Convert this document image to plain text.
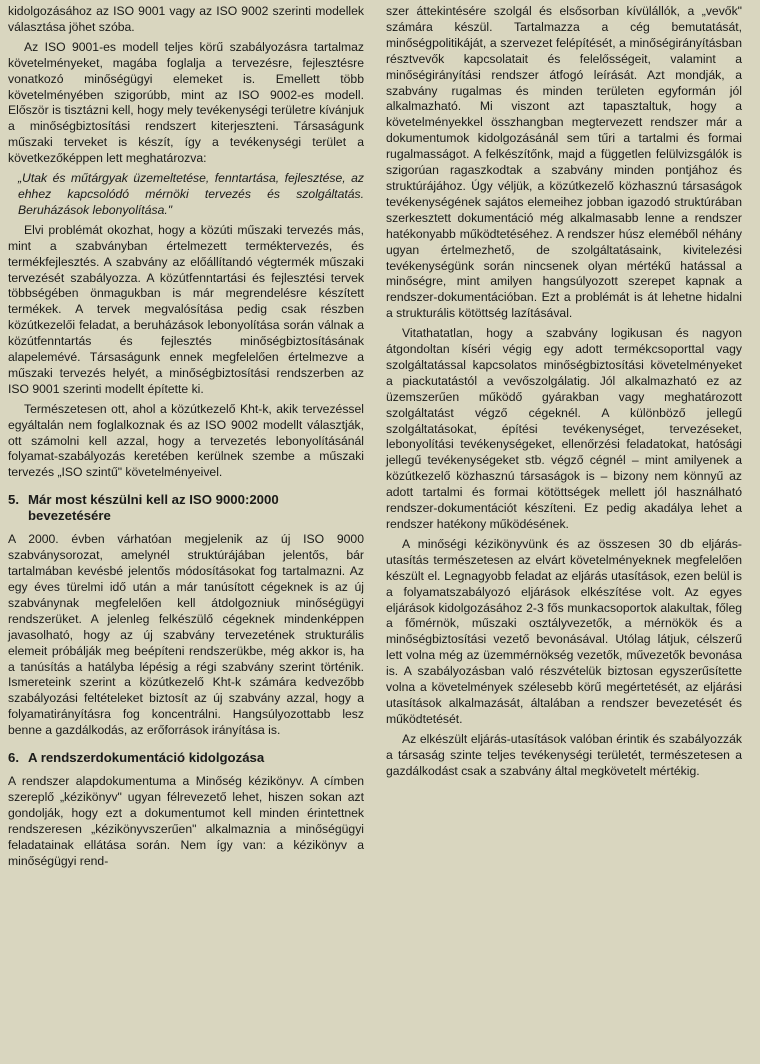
kidolgozásához az ISO 9001 vagy az ISO 9002 szerinti modellek választása jöhet szóba.

Az ISO 9001-es modell teljes körű szabályozásra tartalmaz követelményeket, magába foglalja a tervezésre, fejlesztésre vonatkozó minőségügyi elemeket is. Emellett több követelményében szigorúbb, mint az ISO 9002-es modell. Először is tisztázni kell, hogy mely tevékenységi területre kívánjuk a minőségbiztosítási rendszert kiterjeszteni. Társaságunk műszaki terveket is készít, így a tevékenységi terület a következőképpen lett meghatározva:

„Utak és műtárgyak üzemeltetése, fenntartása, fejlesztése, az ehhez kapcsolódó mérnöki tervezés és szolgáltatás. Beruházások lebonyolítása."

Elvi problémát okozhat, hogy a közúti műszaki tervezés más, mint a szabványban értelmezett terméktervezés, és termékfejlesztés. A szabvány az előállítandó végtermék műszaki tervezését szabályozza. A közútfenntartási és fejlesztési tervek többségében önmagukban is már megrendelésre készített termékek. A tervek megvalósítása pedig csak részben közútkezelői feladat, a beruházások lebonyolítása során válnak a közútfenntartás és fejlesztés minőségbiztosításának alapelemévé. Társaságunk ennek megfelelően értelmezve a műszaki tervezés helyét, a minőségbiztosítási rendszerben az ISO 9001 szerinti modellt építette ki.

Természetesen ott, ahol a közútkezelő Kht-k, akik tervezéssel egyáltalán nem foglalkoznak és az ISO 9002 modellt választják, ott számolni kell azzal, hogy a tervezetés lebonyolításánál folyamat-szabályozás keretében kerülnek szembe a műszaki tervezés „ISO szintű" követelményeivel.

5. Már most készülni kell az ISO 9000:2000 bevezetésére

A 2000. évben várhatóan megjelenik az új ISO 9000 szabványsorozat, amelynél struktúrájában jelentős, bár tartalmában kevésbé jelentős módosításokat fog tartalmazni. Az egy éves türelmi idő után a már tanúsított cégeknek is az új szabványnak megfelelően kell átdolgozniuk minőségügyi rendszerüket. A jelenleg felkészülő cégeknek mindenképpen javasolható, hogy az új szabvány tervezetének strukturális elemeit próbálják meg beépíteni rendszerükbe, még akkor is, ha a tanúsítás a hatályba lépésig a régi szabvány szerint történik. Ismereteink szerint a közútkezelő Kht-k számára kedvezőbb szabályozási feltételeket biztosít az új szabvány azzal, hogy a folyamatirányításra fog koncentrálni. Hangsúlyozottabb lesz benne a gazdálkodás, az erőforrások irányítása is.

6. A rendszerdokumentáció kidolgozása

A rendszer alapdokumentuma a Minőség kézikönyv. A címben szereplő „kézikönyv" ugyan félrevezető lehet, hiszen sokan azt gondolják, hogy ezt a dokumentumot kell minden érintettnek rendszeresen „kézikönyvszerűen" alkalmaznia a minőségügyi feladatainak ellátása során. Nem így van: a kézikönyv a minőségügyi rend-

szer áttekintésére szolgál és elsősorban kívülállók, a „vevők" számára készül. Tartalmazza a cég bemutatását, minőségpolitikáját, a szervezet felépítését, a minőségirányításban résztvevők kapcsolatait és felelősségeit, valamint a minőségirányítási rendszer átfogó leírását. Azt mondják, a szabvány rugalmas és minden területen egyformán jól alkalmazható. Mi viszont azt tapasztaltuk, hogy a követelményekkel összhangban megtervezett rendszer már a dokumentumok kidolgozásánál sem tűri a tartalmi és formai rugalmasságot. A felkészítőnk, majd a független felülvizsgálók is szigorúan ragaszkodtak a szabvány minden pontjához és struktúrájához. Úgy véljük, a közútkezelő közhasznú társaságok tevékenységének sajátos elemeihez jobban igazodó struktúrában szerkesztett dokumentáció még alkalmasabb lenne a rendszer hatékonyabb működtetéséhez. A rendszer húsz eleméből néhány ugyan értelmezhető, de szolgáltatásaink, kivitelezési tevékenységünk során nincsenek olyan mértékű hatással a minőségre, mint amilyen hangsúlyozott szerepet kapnak a rendszer-dokumentációban. Ezt a problémát is át lehetne hidalni a strukturális kötöttség lazításával.

Vitathatatlan, hogy a szabvány logikusan és nagyon átgondoltan kíséri végig egy adott termékcsoporttal vagy szolgáltatással kapcsolatos minőségbiztosítási követelményeket a piackutatástól a vevőszolgálatig. Jól alkalmazható ez az üzemszerűen működő gyárakban vagy meghatározott szolgáltatást végző cégeknél. A különböző jellegű szolgáltatásokat, építési tevékenységet, tervezéseket, lebonyolítási tevékenységeket, ellenőrzési feladatokat, hatósági jellegű tevékenységeket stb. végző cégnél – mint amilyenek a közútkezelő közhasznú társaságok is – bizony nem könnyű az adott tartalmi és formai kötöttségek mellett jól használható rendszer-dokumentációt készíteni. Ez pedig akadálya lehet a rendszer hatékony működésének.

A minőségi kézikönyvünk és az összesen 30 db eljárás-utasítás természetesen az elvárt követelményeknek megfelelően készült el. Legnagyobb feladat az eljárás utasítások, ezen belül is a folyamatszabályozó eljárások elkészítése volt. Az egyes eljárások kidolgozásához 2-3 fős munkacsoportok alakultak, főleg a főmérnök, műszaki osztályvezetők, a mérnökök és a minőségbiztosítási vezető bevonásával. Utólag látjuk, célszerű lett volna még az üzemmérnökség vezetők, művezetők bevonása is. A szabályozásban való részvételük biztosan egyszerűsítette volna a követelmények szélesebb körű megértetését, az eljárási utasítások alkalmazását, általában a rendszer bevezetését és működtetését.

Az elkészült eljárás-utasítások valóban érintik és szabályozzák a társaság szinte teljes tevékenységi területét, természetesen a gazdálkodást csak a szabvány által megkövetelt mértékig.
